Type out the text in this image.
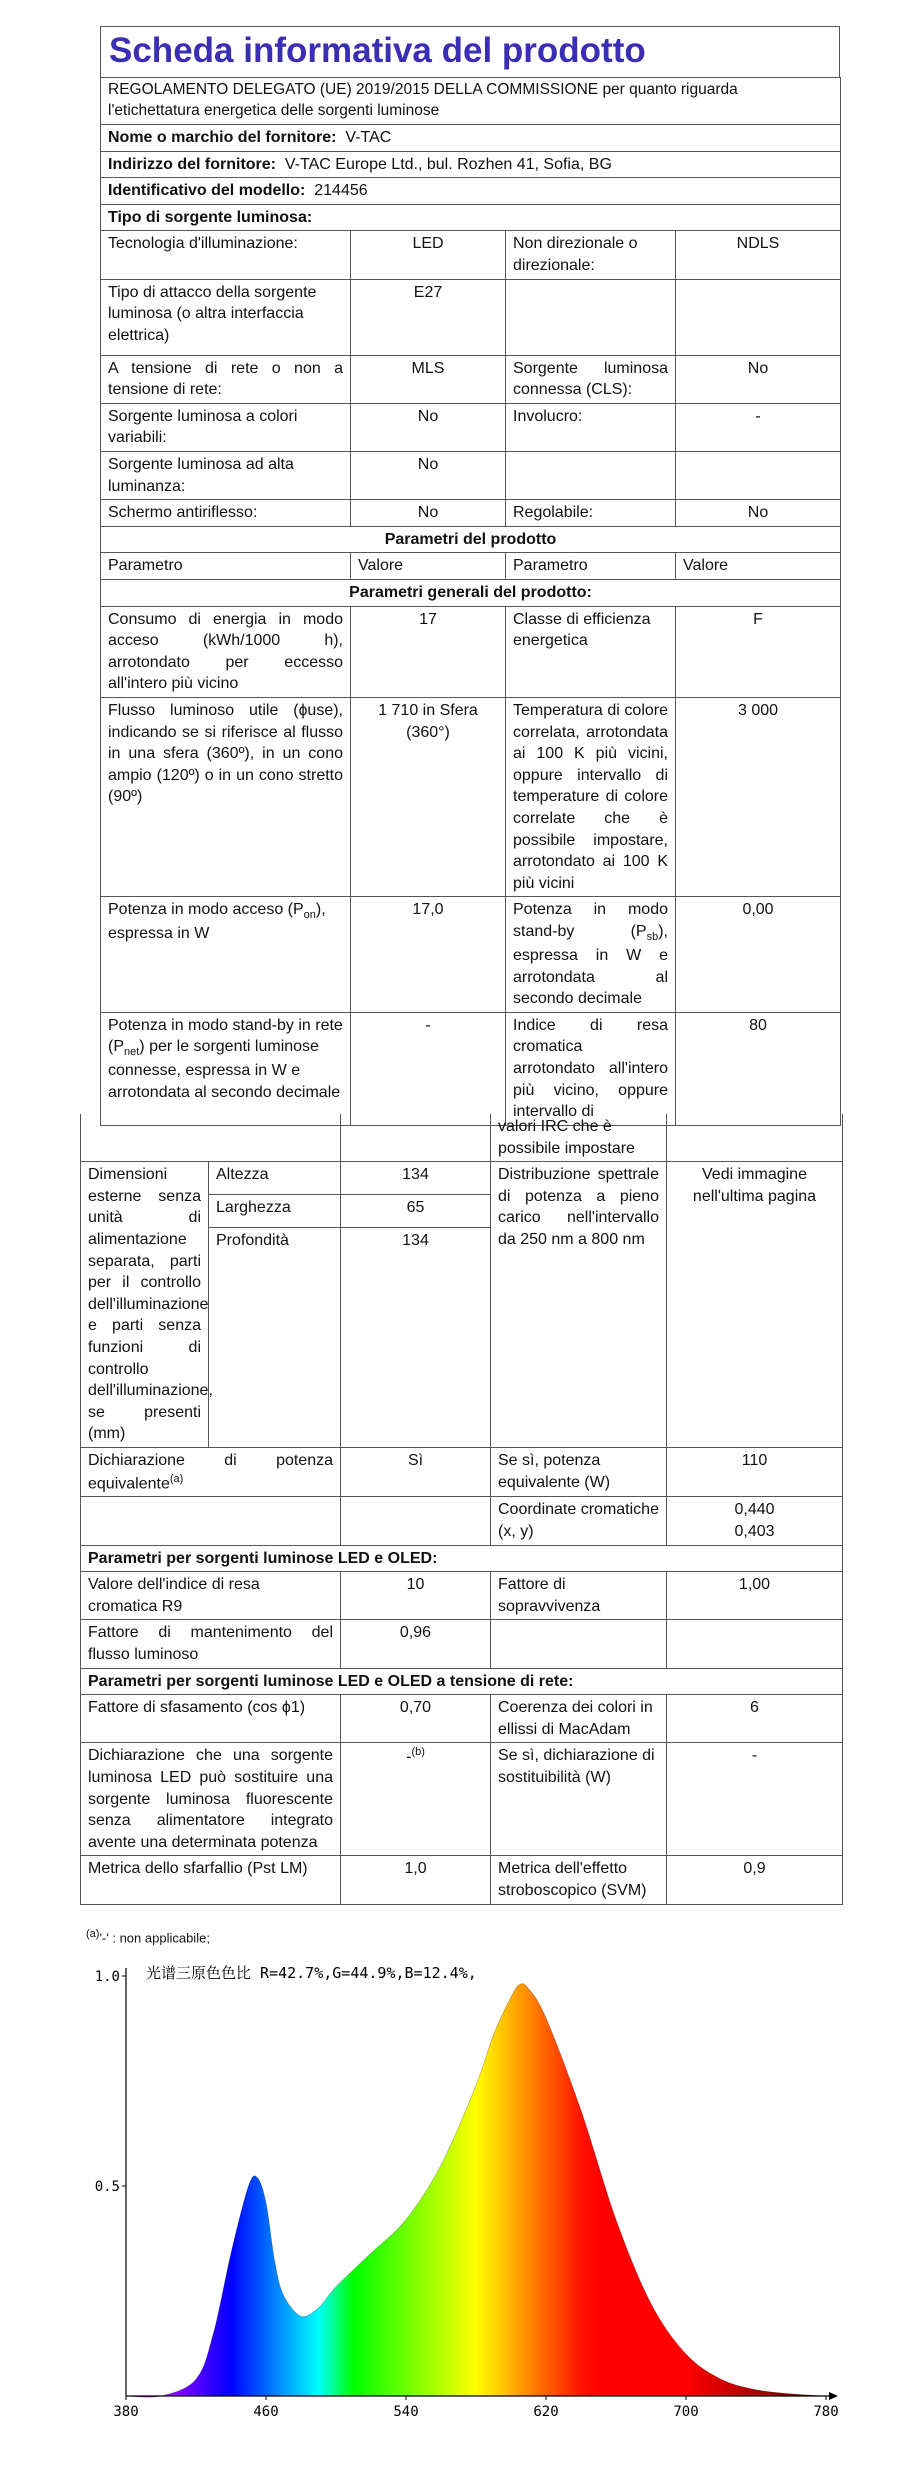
Scheda informativa del prodotto
REGOLAMENTO DELEGATO (UE) 2019/2015 DELLA COMMISSIONE per quanto riguarda l'etichettatura energetica delle sorgenti luminose			
Nome o marchio del fornitore: V-TAC			
Indirizzo del fornitore: V-TAC Europe Ltd., bul. Rozhen 41, Sofia, BG			
Identificativo del modello: 214456			
Tipo di sorgente luminosa:			
Tecnologia d'illuminazione:	LED	Non direzionale o direzionale:	NDLS
Tipo di attacco della sorgente luminosa (o altra interfaccia elettrica)	E27		
A tensione di rete o non a tensione di rete:	MLS	Sorgente luminosa connessa (CLS):	No
Sorgente luminosa a colori variabili:	No	Involucro:	-
Sorgente luminosa ad alta luminanza:	No		
Schermo antiriflesso:	No	Regolabile:	No
Parametri del prodotto			
Parametro	Valore	Parametro	Valore
Parametri generali del prodotto:			
Consumo di energia in modo acceso (kWh/1000 h), arrotondato per eccesso all'intero più vicino	17	Classe di efficienza energetica	F
Flusso luminoso utile (ɸuse), indicando se si riferisce al flusso in una sfera (360º), in un cono ampio (120º) o in un cono stretto (90º)	1 710 in Sfera (360°)	Temperatura di colore correlata, arrotondata ai 100 K più vicini, oppure intervallo di temperature di colore correlate che è possibile impostare, arrotondato ai 100 K più vicini	3 000
Potenza in modo acceso $(P_{on})$, espressa in W	17,0	Potenza in modo stand-by $(P_{sb})$, espressa in W e arrotondata al secondo decimale	0,00
Potenza in modo stand-by in rete $(P_{net})$ per le sorgenti luminose connesse, espressa in W e arrotondata al secondo decimale	-	Indice di resa cromatica arrotondato all'intero più vicino, oppure intervallo di	80
			valori IRC che è possibile impostare	
Dimensioni esterne senza unità di alimentazione separata, parti per il controllo dell'illuminazione e parti senza funzioni di controllo dell'illuminazione, se presenti (mm)	Altezza	134	Distribuzione spettrale di potenza a pieno carico nell'intervallo da 250 nm a 800 nm	Vedi immagine nell'ultima pagina
	Larghezza	65		
	Profondità	134		
Dichiarazione di potenza equivalente$^{(a)}$		Sì	Se sì, potenza equivalente (W)	110
			Coordinate cromatiche (x, y)	0,440
0,403
Parametri per sorgenti luminose LED e OLED:				
Valore dell'indice di resa cromatica R9		10	Fattore di sopravvivenza	1,00
Fattore di mantenimento del flusso luminoso		0,96		
Parametri per sorgenti luminose LED e OLED a tensione di rete:				
Fattore di sfasamento (cos ϕ1)		0,70	Coerenza dei colori in ellissi di MacAdam	6
Dichiarazione che una sorgente luminosa LED può sostituire una sorgente luminosa fluorescente senza alimentatore integrato avente una determinata potenza		-$^{(b)}$	Se sì, dichiarazione di sostituibilità (W)	-
Metrica dello sfarfallio (Pst LM)		1,0	Metrica dell'effetto stroboscopico (SVM)	0,9
$^{(a)}$'-' : non applicabile;
1.0
0.5
380	460	540	620	700	780
光谱三原色色比 R=42.7%,G=44.9%,B=12.4%,
